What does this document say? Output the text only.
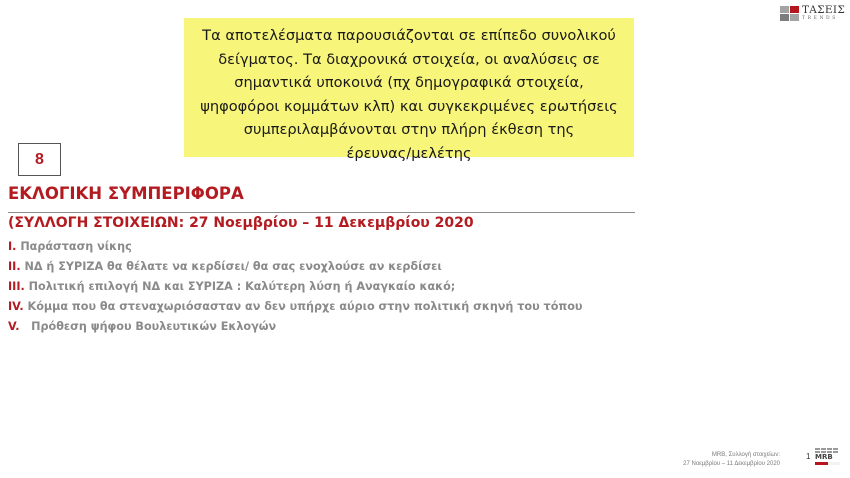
Τα αποτελέσματα παρουσιάζονται σε επίπεδο συνολικού
δείγματος. Τα διαχρονικά στοιχεία, οι αναλύσεις σε
σημαντικά υποκοινά (πχ δημογραφικά στοιχεία,
ψηφοφόροι κομμάτων κλπ) και συγκεκριμένες ερωτήσεις
συμπεριλαμβάνονται στην πλήρη έκθεση της
έρευνας/μελέτης
ΤΑΣΕΙΣ
TRENDS
8
ΕΚΛΟΓΙΚΗ ΣΥΜΠΕΡΙΦΟΡΑ
(ΣΥΛΛΟΓΗ ΣΤΟΙΧΕΙΩΝ: 27 Νοεμβρίου – 11 Δεκεμβρίου 2020
I. Παράσταση νίκης
II. ΝΔ ή ΣΥΡΙΖΑ θα θέλατε να κερδίσει/ θα σας ενοχλούσε αν κερδίσει
III. Πολιτική επιλογή ΝΔ και ΣΥΡΙΖΑ : Καλύτερη λύση ή Αναγκαίο κακό;
IV. Κόμμα που θα στεναχωριόσασταν αν δεν υπήρχε αύριο στην πολιτική σκηνή του τόπου
V.   Πρόθεση ψήφου Βουλευτικών Εκλογών
MRB, Συλλογή στοιχείων:
27 Νοεμβρίου – 11 Δεκεμβρίου 2020
1 MRB
